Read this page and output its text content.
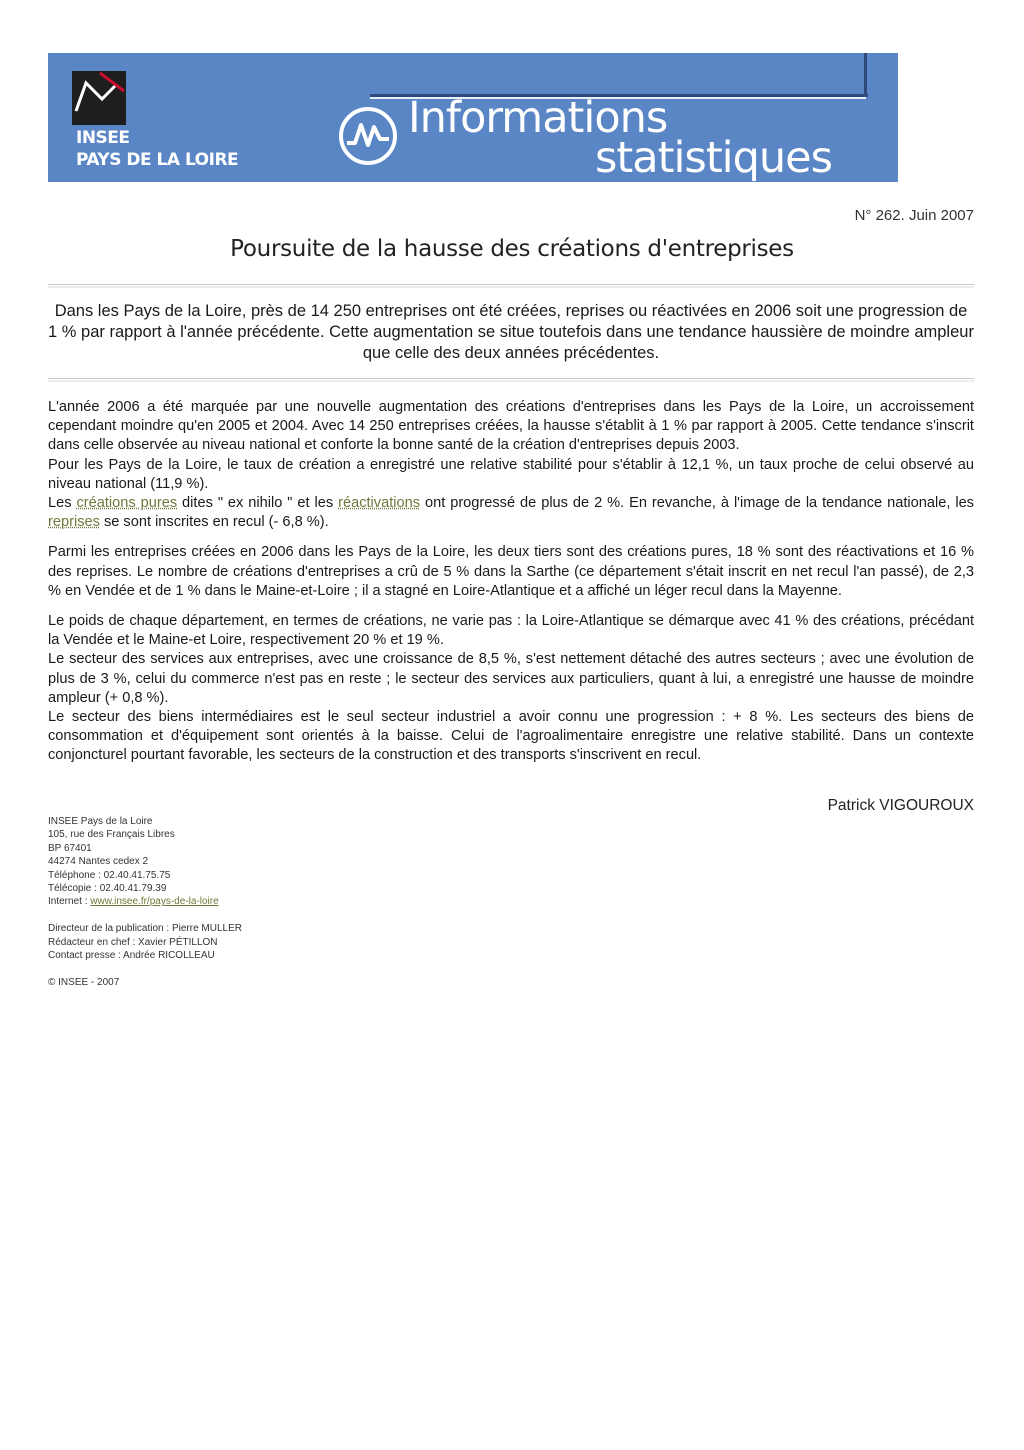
INSEE
PAYS DE LA LOIRE
Informations
statistiques
N° 262. Juin 2007
Poursuite de la hausse des créations d'entreprises
Dans les Pays de la Loire, près de 14 250 entreprises ont été créées, reprises ou réactivées en 2006 soit une progression de 1 % par rapport à l'année précédente. Cette augmentation se situe toutefois dans une tendance haussière de moindre ampleur que celle des deux années précédentes.

L'année 2006 a été marquée par une nouvelle augmentation des créations d'entreprises dans les Pays de la Loire, un accroissement cependant moindre qu'en 2005 et 2004. Avec 14 250 entreprises créées, la hausse s'établit à 1 % par rapport à 2005. Cette tendance s'inscrit dans celle observée au niveau national et conforte la bonne santé de la création d'entreprises depuis 2003.

Pour les Pays de la Loire, le taux de création a enregistré une relative stabilité pour s'établir à 12,1 %, un taux proche de celui observé au niveau national (11,9 %).

Les créations pures dites " ex nihilo " et les réactivations ont progressé de plus de 2 %. En revanche, à l'image de la tendance nationale, les reprises se sont inscrites en recul (- 6,8 %).

Parmi les entreprises créées en 2006 dans les Pays de la Loire, les deux tiers sont des créations pures, 18 % sont des réactivations et 16 % des reprises. Le nombre de créations d'entreprises a crû de 5 % dans la Sarthe (ce département s'était inscrit en net recul l'an passé), de 2,3 % en Vendée et de 1 % dans le Maine-et-Loire ; il a stagné en Loire-Atlantique et a affiché un léger recul dans la Mayenne.

Le poids de chaque département, en termes de créations, ne varie pas : la Loire-Atlantique se démarque avec 41 % des créations, précédant la Vendée et le Maine-et Loire, respectivement 20 % et 19 %.

Le secteur des services aux entreprises, avec une croissance de 8,5 %, s'est nettement détaché des autres secteurs ; avec une évolution de plus de 3 %, celui du commerce n'est pas en reste ; le secteur des services aux particuliers, quant à lui, a enregistré une hausse de moindre ampleur (+ 0,8 %).

Le secteur des biens intermédiaires est le seul secteur industriel a avoir connu une progression : + 8 %. Les secteurs des biens de consommation et d'équipement sont orientés à la baisse. Celui de l'agroalimentaire enregistre une relative stabilité. Dans un contexte conjoncturel pourtant favorable, les secteurs de la construction et des transports s'inscrivent en recul.

Patrick VIGOUROUX
INSEE Pays de la Loire
105, rue des Français Libres
BP 67401
44274 Nantes cedex 2
Téléphone : 02.40.41.75.75
Télécopie : 02.40.41.79.39
Internet : www.insee.fr/pays-de-la-loire
Directeur de la publication : Pierre MULLER
Rédacteur en chef : Xavier PÉTILLON
Contact presse : Andrée RICOLLEAU
© INSEE - 2007
